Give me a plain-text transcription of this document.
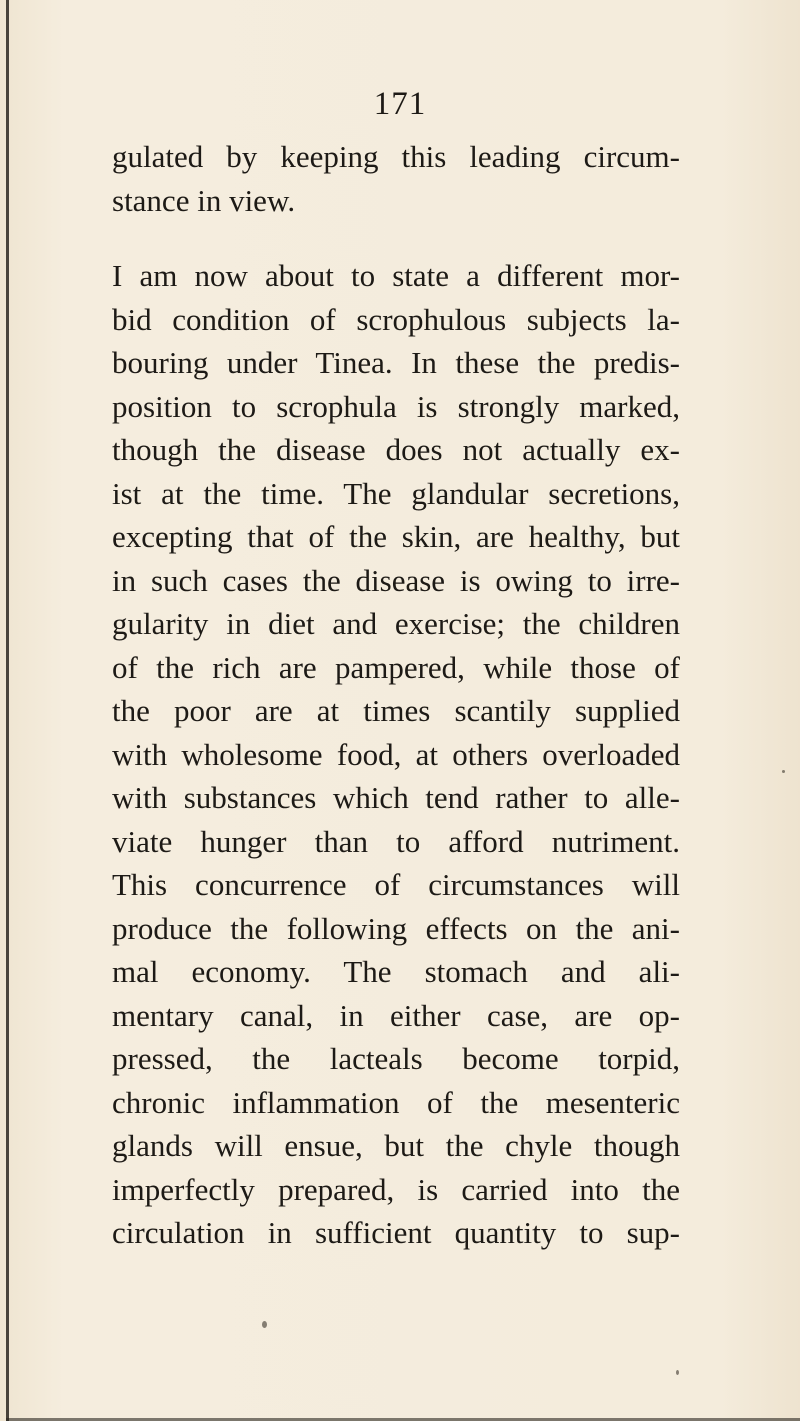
171
gulated by keeping this leading circum-
stance in view.
I am now about to state a different mor-
bid condition of scrophulous subjects la-
bouring under Tinea. In these the predis-
position to scrophula is strongly marked,
though the disease does not actually ex-
ist at the time. The glandular secretions,
excepting that of the skin, are healthy, but
in such cases the disease is owing to irre-
gularity in diet and exercise; the children
of the rich are pampered, while those of
the poor are at times scantily supplied
with wholesome food, at others overloaded
with substances which tend rather to alle-
viate hunger than to afford nutriment.
This concurrence of circumstances will
produce the following effects on the ani-
mal economy. The stomach and ali-
mentary canal, in either case, are op-
pressed, the lacteals become torpid,
chronic inflammation of the mesenteric
glands will ensue, but the chyle though
imperfectly prepared, is carried into the
circulation in sufficient quantity to sup-
